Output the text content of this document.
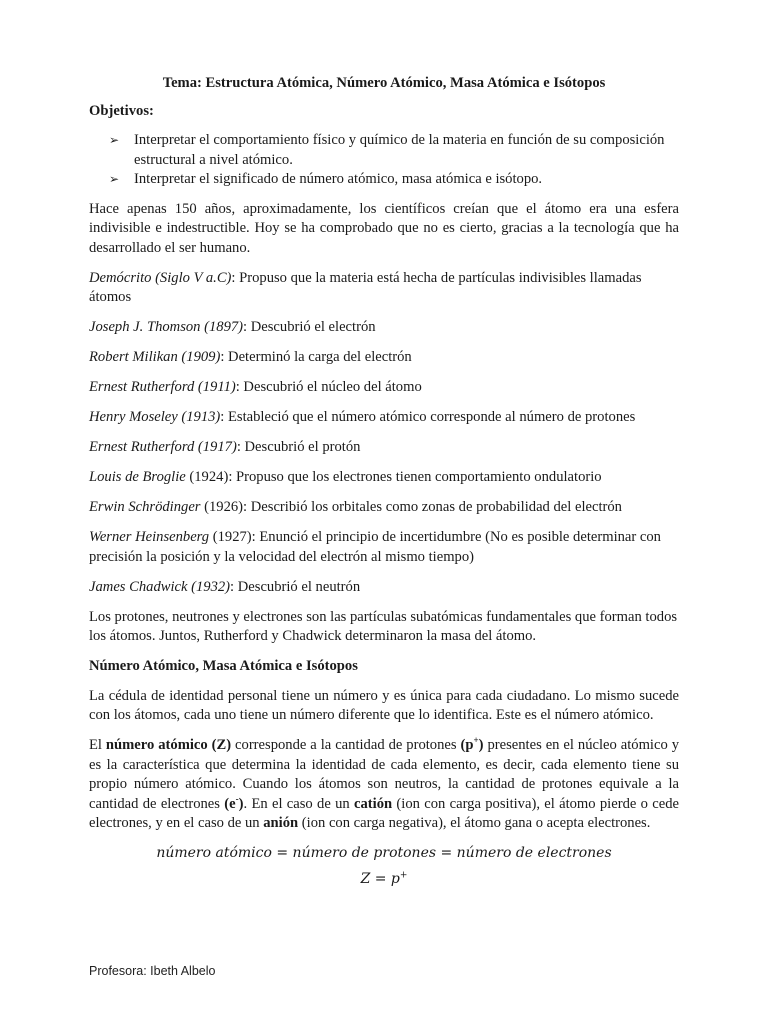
Tema: Estructura Atómica, Número Atómico, Masa Atómica e Isótopos
Objetivos:
➢ Interpretar el comportamiento físico y químico de la materia en función de su composición estructural a nivel atómico.
➢ Interpretar el significado de número atómico, masa atómica e isótopo.

Hace apenas 150 años, aproximadamente, los científicos creían que el átomo era una esfera indivisible e indestructible. Hoy se ha comprobado que no es cierto, gracias a la tecnología que ha desarrollado el ser humano.

Demócrito (Siglo V a.C): Propuso que la materia está hecha de partículas indivisibles llamadas átomos

Joseph J. Thomson (1897): Descubrió el electrón

Robert Milikan (1909): Determinó la carga del electrón

Ernest Rutherford (1911): Descubrió el núcleo del átomo

Henry Moseley (1913): Estableció que el número atómico corresponde al número de protones

Ernest Rutherford (1917): Descubrió el protón

Louis de Broglie (1924): Propuso que los electrones tienen comportamiento ondulatorio

Erwin Schrödinger (1926): Describió los orbitales como zonas de probabilidad del electrón

Werner Heinsenberg (1927): Enunció el principio de incertidumbre (No es posible determinar con precisión la posición y la velocidad del electrón al mismo tiempo)

James Chadwick (1932): Descubrió el neutrón

Los protones, neutrones y electrones son las partículas subatómicas fundamentales que forman todos los átomos. Juntos, Rutherford y Chadwick determinaron la masa del átomo.

Número Atómico, Masa Atómica e Isótopos

La cédula de identidad personal tiene un número y es única para cada ciudadano. Lo mismo sucede con los átomos, cada uno tiene un número diferente que lo identifica. Este es el número atómico.

El número atómico (Z) corresponde a la cantidad de protones (p+) presentes en el núcleo atómico y es la característica que determina la identidad de cada elemento, es decir, cada elemento tiene su propio número atómico. Cuando los átomos son neutros, la cantidad de protones equivale a la cantidad de electrones (e-). En el caso de un catión (ion con carga positiva), el átomo pierde o cede electrones, y en el caso de un anión (ion con carga negativa), el átomo gana o acepta electrones.

número atómico = número de protones = número de electrones
Z = p+
Profesora: Ibeth Albelo
